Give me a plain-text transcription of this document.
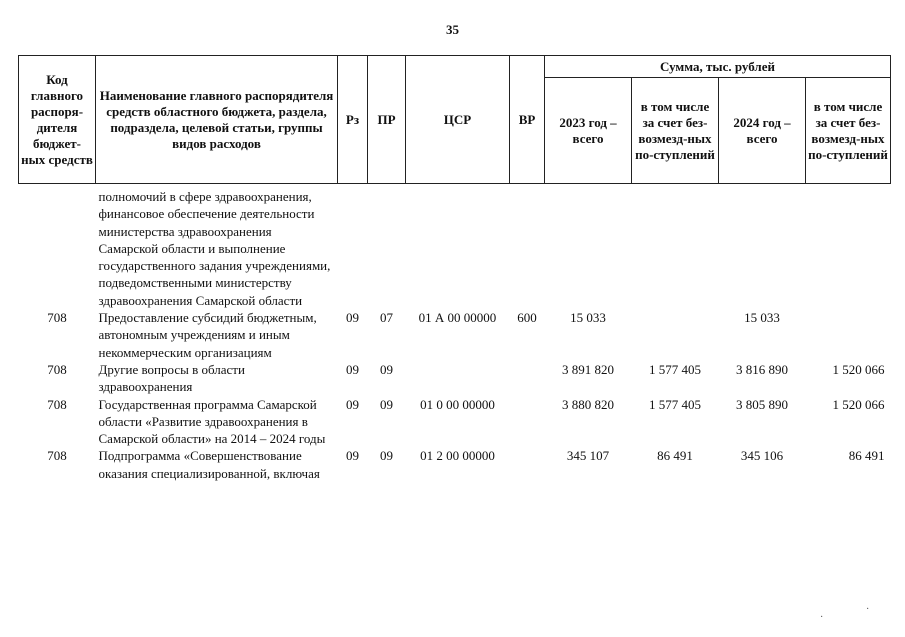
35
Код главного распоря-дителя бюджет-ных средств	Наименование главного распорядителя средств областного бюджета, раздела, подраздела, целевой статьи, группы видов расходов	Рз	ПР	ЦСР	ВР	Сумма, тыс. рублей			
						2023 год – всего	в том числе за счет без-возмезд-ных по-ступлений	2024 год – всего	в том числе за счет без-возмезд-ных по-ступлений

	полномочий в сфере здравоохранения, финансовое обеспечение деятельности министерства здравоохранения Самарской области и выполнение государственного задания учреждениями, подведомственными министерству здравоохранения Самарской области								
708	Предоставление субсидий бюджетным, автономным учреждениям и иным некоммерческим организациям	09	07	01 А 00 00000	600	15 033		15 033	
708	Другие вопросы в области здравоохранения	09	09			3 891 820	1 577 405	3 816 890	1 520 066
708	Государственная программа Самарской области «Развитие здравоохранения в Самарской области» на 2014 – 2024 годы	09	09	01 0 00 00000		3 880 820	1 577 405	3 805 890	1 520 066
708	Подпрограмма «Совершенствование оказания специализированной, включая	09	09	01 2 00 00000		345 107	86 491	345 106	86 491
·
·
